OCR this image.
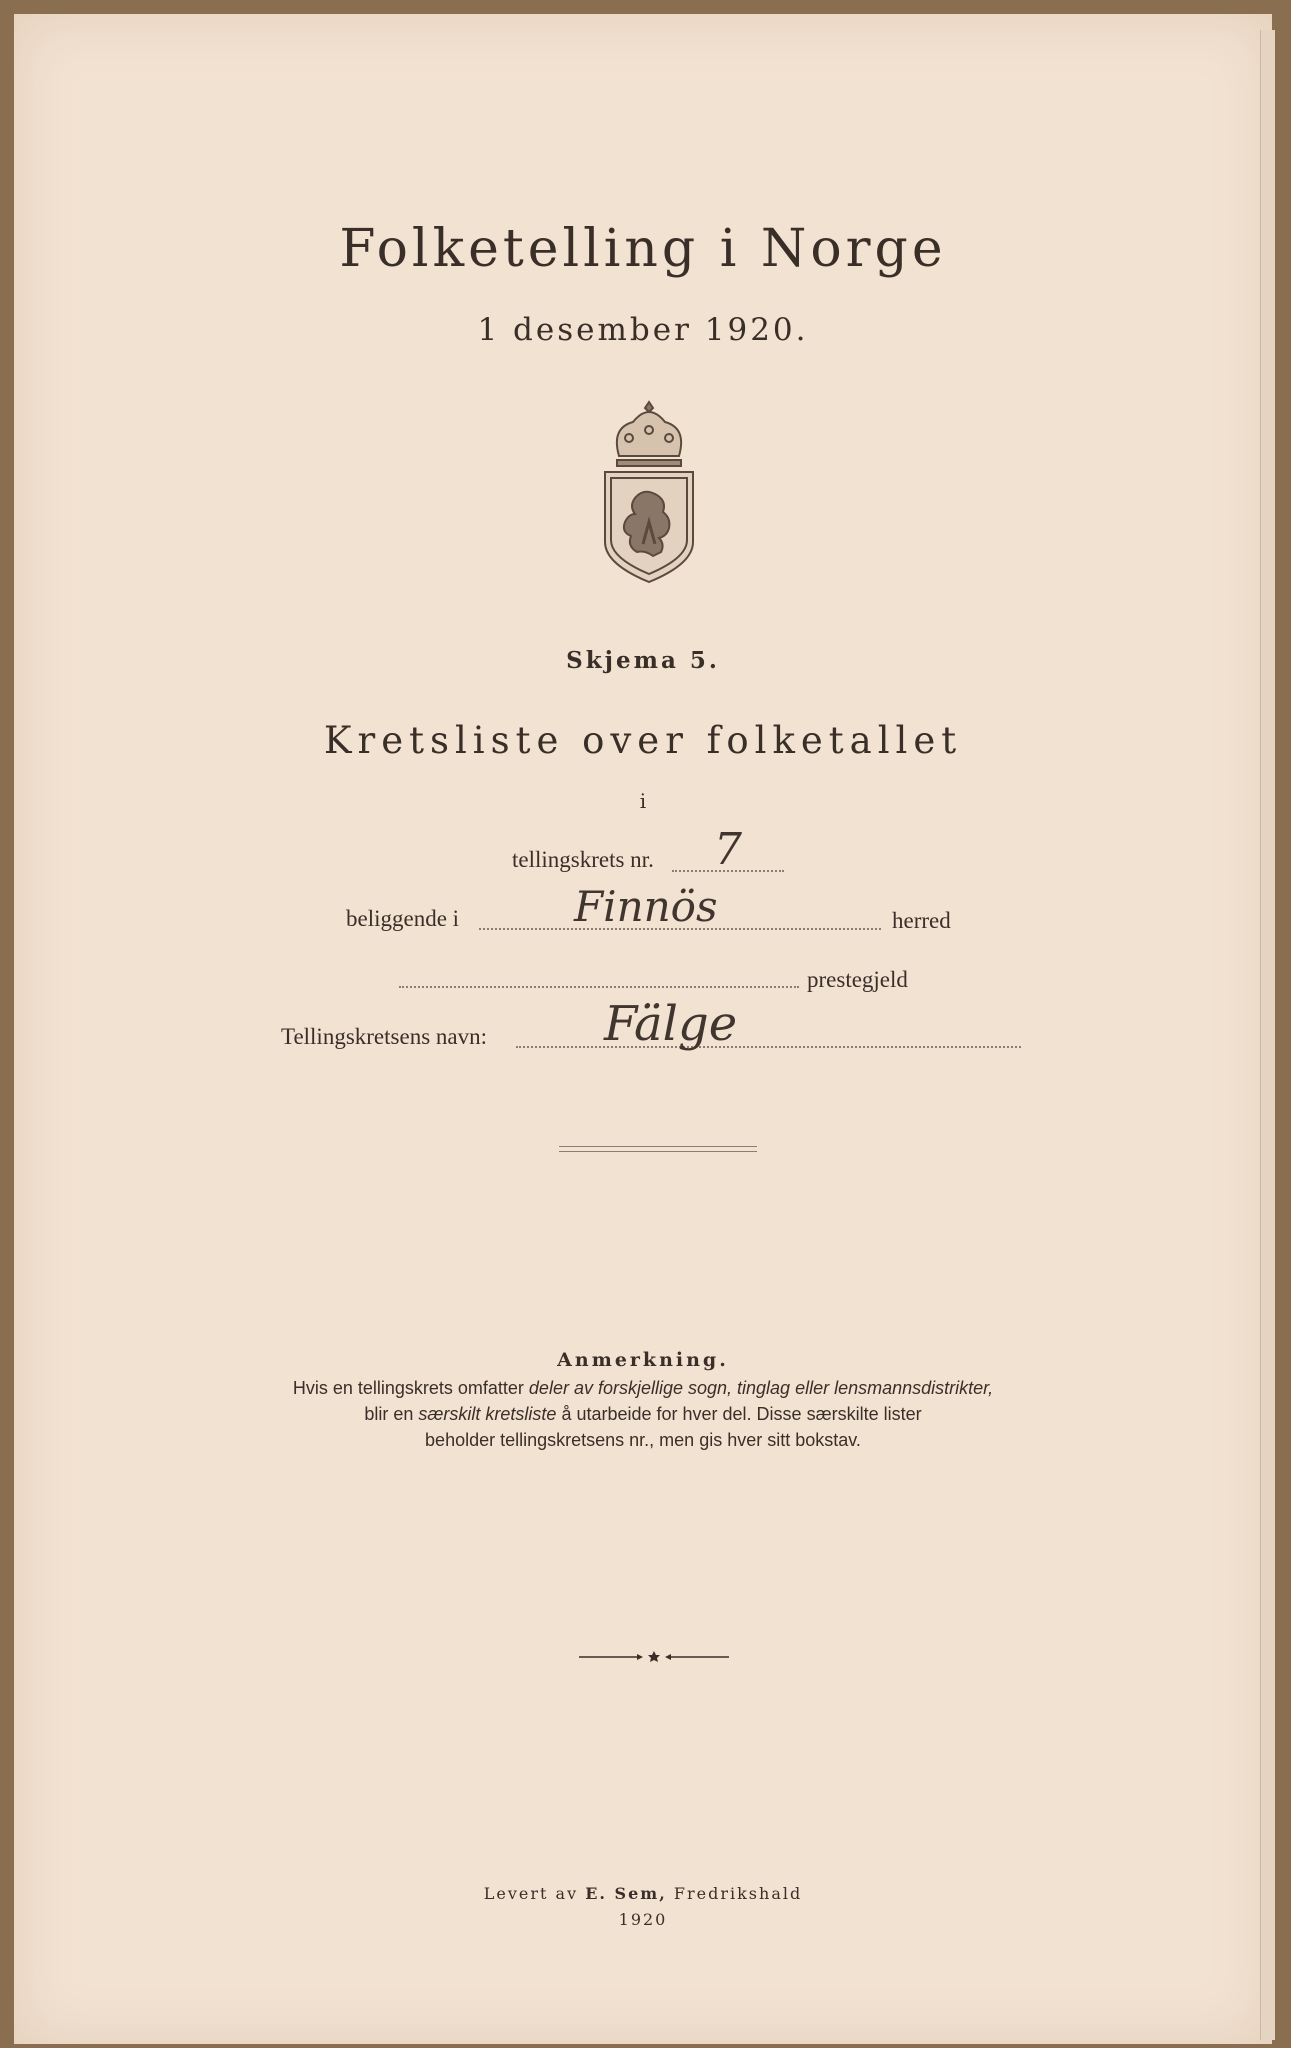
Folketelling i Norge
1 desember 1920.
Skjema 5.
Kretsliste over folketallet
i
tellingskrets nr. 7
beliggende i	Finnös	herred
prestegjeld
Tellingskretsens navn: Fälge
Anmerkning.
Hvis en tellingskrets omfatter deler av forskjellige sogn, tinglag eller lensmannsdistrikter,
blir en særskilt kretsliste å utarbeide for hver del. Disse særskilte lister
beholder tellingskretsens nr., men gis hver sitt bokstav.
Levert av E. Sem, Fredrikshald
1920
